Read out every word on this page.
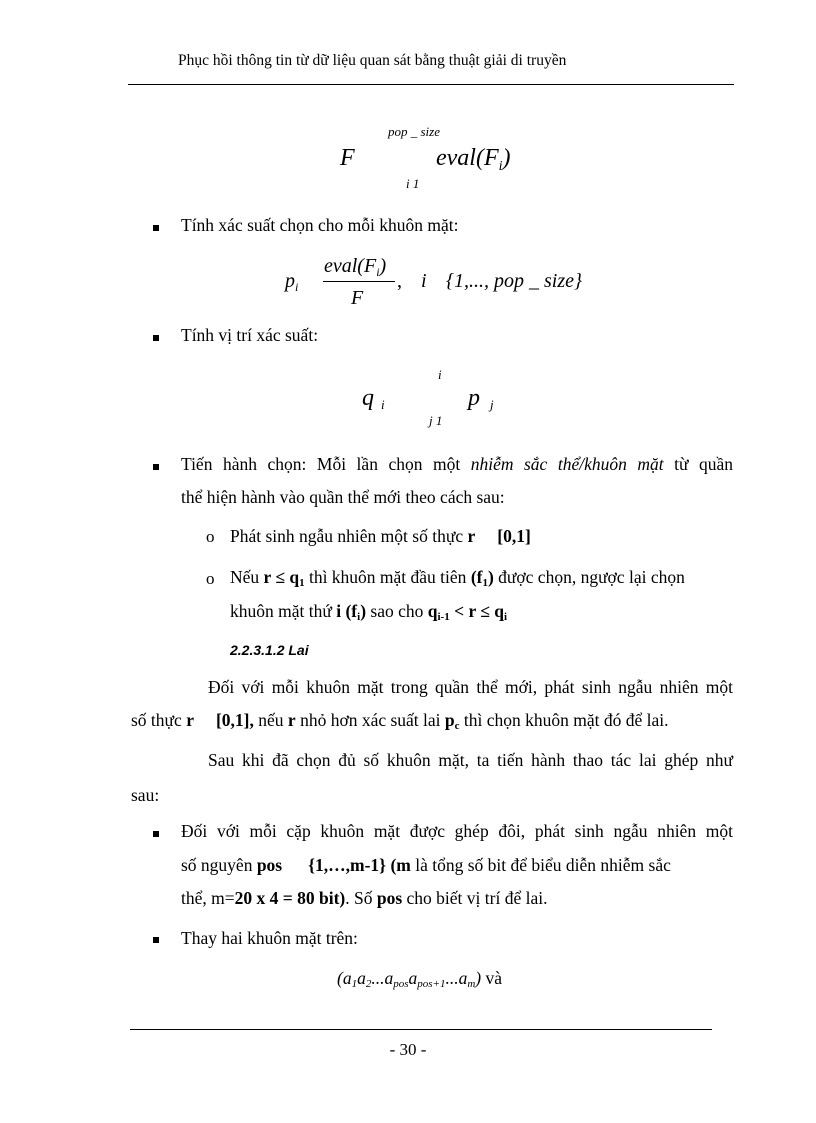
Phục hồi thông tin từ dữ liệu quan sát bằng thuật giải di truyền
pop _ size
F	$eval(F_i)$
i 1
Tính xác suất chọn cho mỗi khuôn mặt:
$p_i$
$eval(F_i)$
F
, i {1,..., pop _ size}
Tính vị trí xác suất:
i
qi	pj
j 1
Tiến hành chọn: Mỗi lần chọn một nhiễm sắc thể/khuôn mặt từ quần
thể hiện hành vào quần thể mới theo cách sau:
o Phát sinh ngẫu nhiên một số thực r [0,1]
o Nếu $r \le q_1$ thì khuôn mặt đầu tiên $(f_1)$ được chọn, ngược lại chọn
khuôn mặt thứ i $(f_i)$ sao cho $q_{i-1} < r \le q_i$
2.2.3.1.2 Lai
Đối với mỗi khuôn mặt trong quần thể mới, phát sinh ngẫu nhiên một
số thực r [0,1], nếu r nhỏ hơn xác suất lai $p_c$ thì chọn khuôn mặt đó để lai.
Sau khi đã chọn đủ số khuôn mặt, ta tiến hành thao tác lai ghép như
sau:
Đối với mỗi cặp khuôn mặt được ghép đôi, phát sinh ngẫu nhiên một
số nguyên pos {1,…,m-1} (m là tổng số bit để biểu diễn nhiễm sắc
thể, m=20 x 4 = 80 bit). Số pos cho biết vị trí để lai.
Thay hai khuôn mặt trên:
$(a_1a_2...a_{pos}a_{pos+1}...a_m)$ và
- 30 -
